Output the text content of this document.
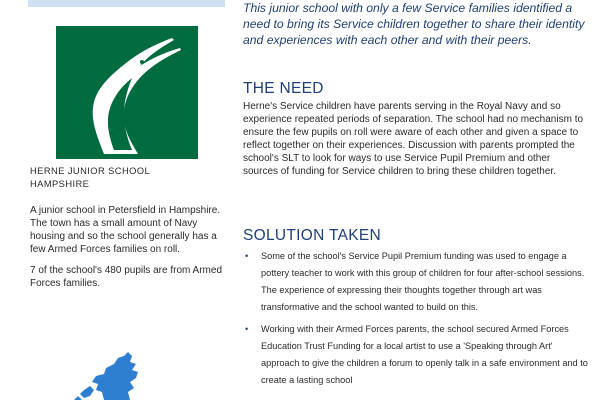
HERNE JUNIOR SCHOOL
HAMPSHIRE

A junior school in Petersfield in Hampshire. The town has a small amount of Navy housing and so the school generally has a few Armed Forces families on roll.

7 of the school's 480 pupils are from Armed Forces families.

This junior school with only a few Service families identified a need to bring its Service children together to share their identity and experiences with each other and with their peers.
THE NEED
Herne's Service children have parents serving in the Royal Navy and so experience repeated periods of separation. The school had no mechanism to ensure the few pupils on roll were aware of each other and given a space to reflect together on their experiences. Discussion with parents prompted the school's SLT to look for ways to use Service Pupil Premium and other sources of funding for Service children to bring these children together.
SOLUTION TAKEN
• Some of the school's Service Pupil Premium funding was used to engage a pottery teacher to work with this group of children for four after-school sessions. The experience of expressing their thoughts together through art was transformative and the school wanted to build on this.
• Working with their Armed Forces parents, the school secured Armed Forces Education Trust Funding for a local artist to use a 'Speaking through Art' approach to give the children a forum to openly talk in a safe environment and to create a lasting school
